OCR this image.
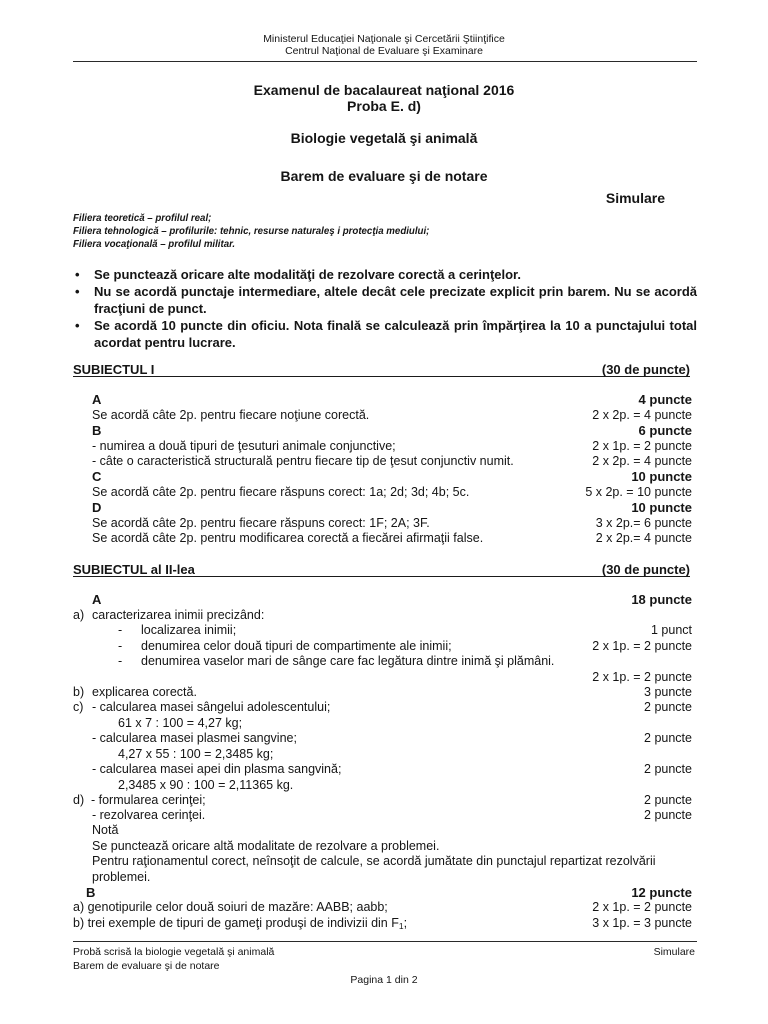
Ministerul Educaţiei Naţionale şi Cercetării Ştiinţifice
Centrul Naţional de Evaluare şi Examinare
Examenul de bacalaureat naţional 2016
Proba E. d)
Biologie vegetală şi animală
Barem de evaluare şi de notare
Simulare
Filiera teoretică – profilul real;
Filiera tehnologică – profilurile: tehnic, resurse naturaleş i protecţia mediului;
Filiera vocaţională – profilul militar.
• Se punctează oricare alte modalităţi de rezolvare corectă a cerinţelor.
• Nu se acordă punctaje intermediare, altele decât cele precizate explicit prin barem. Nu se acordă fracţiuni de punct.
• Se acordă 10 puncte din oficiu. Nota finală se calculează prin împărţirea la 10 a punctajului total acordat pentru lucrare.
SUBIECTUL I	(30 de puncte)
A	4 puncte
Se acordă câte 2p. pentru fiecare noţiune corectă.	2 x 2p. = 4 puncte
B	6 puncte
- numirea a două tipuri de ţesuturi animale conjunctive;	2 x 1p. = 2 puncte
- câte o caracteristică structurală pentru fiecare tip de ţesut conjunctiv numit.	2 x 2p. = 4 puncte
C	10 puncte
Se acordă câte 2p. pentru fiecare răspuns corect: 1a; 2d; 3d; 4b; 5c.	5 x 2p. = 10 puncte
D	10 puncte
Se acordă câte 2p. pentru fiecare răspuns corect: 1F; 2A; 3F.	3 x 2p.= 6 puncte
Se acordă câte 2p. pentru modificarea corectă a fiecărei afirmaţii false.	2 x 2p.= 4 puncte
SUBIECTUL al II-lea	(30 de puncte)
A	18 puncte
a) caracterizarea inimii precizând:
- localizarea inimii;	1 punct
- denumirea celor două tipuri de compartimente ale inimii;	2 x 1p. = 2 puncte
- denumirea vaselor mari de sânge care fac legătura dintre inimă şi plămâni.
2 x 1p. = 2 puncte
b) explicarea corectă.	3 puncte
c) - calcularea masei sângelui adolescentului;	2 puncte
61 x 7 : 100 = 4,27 kg;
- calcularea masei plasmei sangvine;	2 puncte
4,27 x 55 : 100 = 2,3485 kg;
- calcularea masei apei din plasma sangvină;	2 puncte
2,3485 x 90 : 100 = 2,11365 kg.
d) - formularea cerinţei;	2 puncte
- rezolvarea cerinţei.	2 puncte
Notă
Se punctează oricare altă modalitate de rezolvare a problemei.
Pentru raţionamentul corect, neînsoţit de calcule, se acordă jumătate din punctajul repartizat rezolvării problemei.
B	12 puncte
a) genotipurile celor două soiuri de mazăre: AABB; aabb;	2 x 1p. = 2 puncte
b) trei exemple de tipuri de gameţi produşi de indivizii din $F_1$;	3 x 1p. = 3 puncte
Probă scrisă la biologie vegetală şi animală	Simulare
Barem de evaluare şi de notare
Pagina 1 din 2
